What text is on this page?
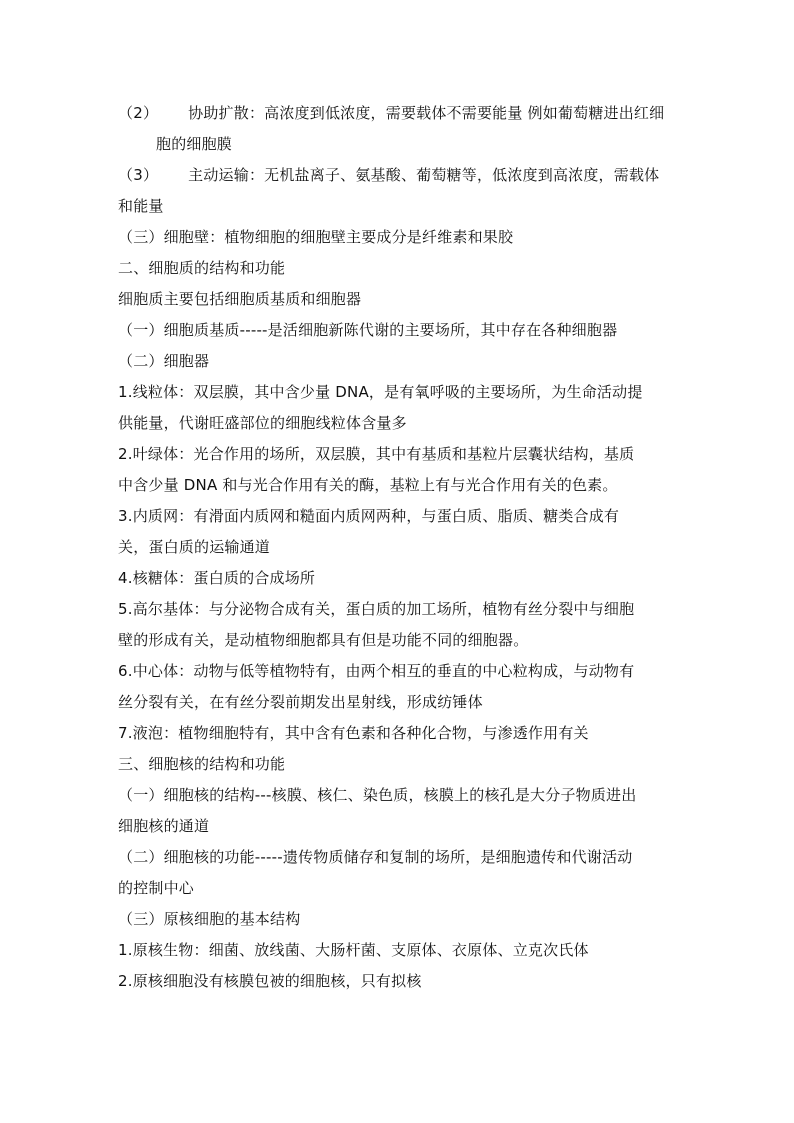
（2） 协助扩散：高浓度到低浓度，需要载体不需要能量 例如葡萄糖进出红细
胞的细胞膜
（3） 主动运输：无机盐离子、氨基酸、葡萄糖等，低浓度到高浓度，需载体
和能量
（三）细胞壁：植物细胞的细胞壁主要成分是纤维素和果胶
二、细胞质的结构和功能
细胞质主要包括细胞质基质和细胞器
（一）细胞质基质-----是活细胞新陈代谢的主要场所，其中存在各种细胞器
（二）细胞器
1.线粒体：双层膜，其中含少量 DNA，是有氧呼吸的主要场所，为生命活动提
供能量，代谢旺盛部位的细胞线粒体含量多
2.叶绿体：光合作用的场所，双层膜，其中有基质和基粒片层囊状结构，基质
中含少量 DNA 和与光合作用有关的酶，基粒上有与光合作用有关的色素。
3.内质网：有滑面内质网和糙面内质网两种，与蛋白质、脂质、糖类合成有
关，蛋白质的运输通道
4.核糖体：蛋白质的合成场所
5.高尔基体：与分泌物合成有关，蛋白质的加工场所，植物有丝分裂中与细胞
壁的形成有关，是动植物细胞都具有但是功能不同的细胞器。
6.中心体：动物与低等植物特有，由两个相互的垂直的中心粒构成，与动物有
丝分裂有关，在有丝分裂前期发出星射线，形成纺锤体
7.液泡：植物细胞特有，其中含有色素和各种化合物，与渗透作用有关
三、细胞核的结构和功能
（一）细胞核的结构---核膜、核仁、染色质，核膜上的核孔是大分子物质进出
细胞核的通道
（二）细胞核的功能-----遗传物质储存和复制的场所，是细胞遗传和代谢活动
的控制中心
（三）原核细胞的基本结构
1.原核生物：细菌、放线菌、大肠杆菌、支原体、衣原体、立克次氏体
2.原核细胞没有核膜包被的细胞核，只有拟核
